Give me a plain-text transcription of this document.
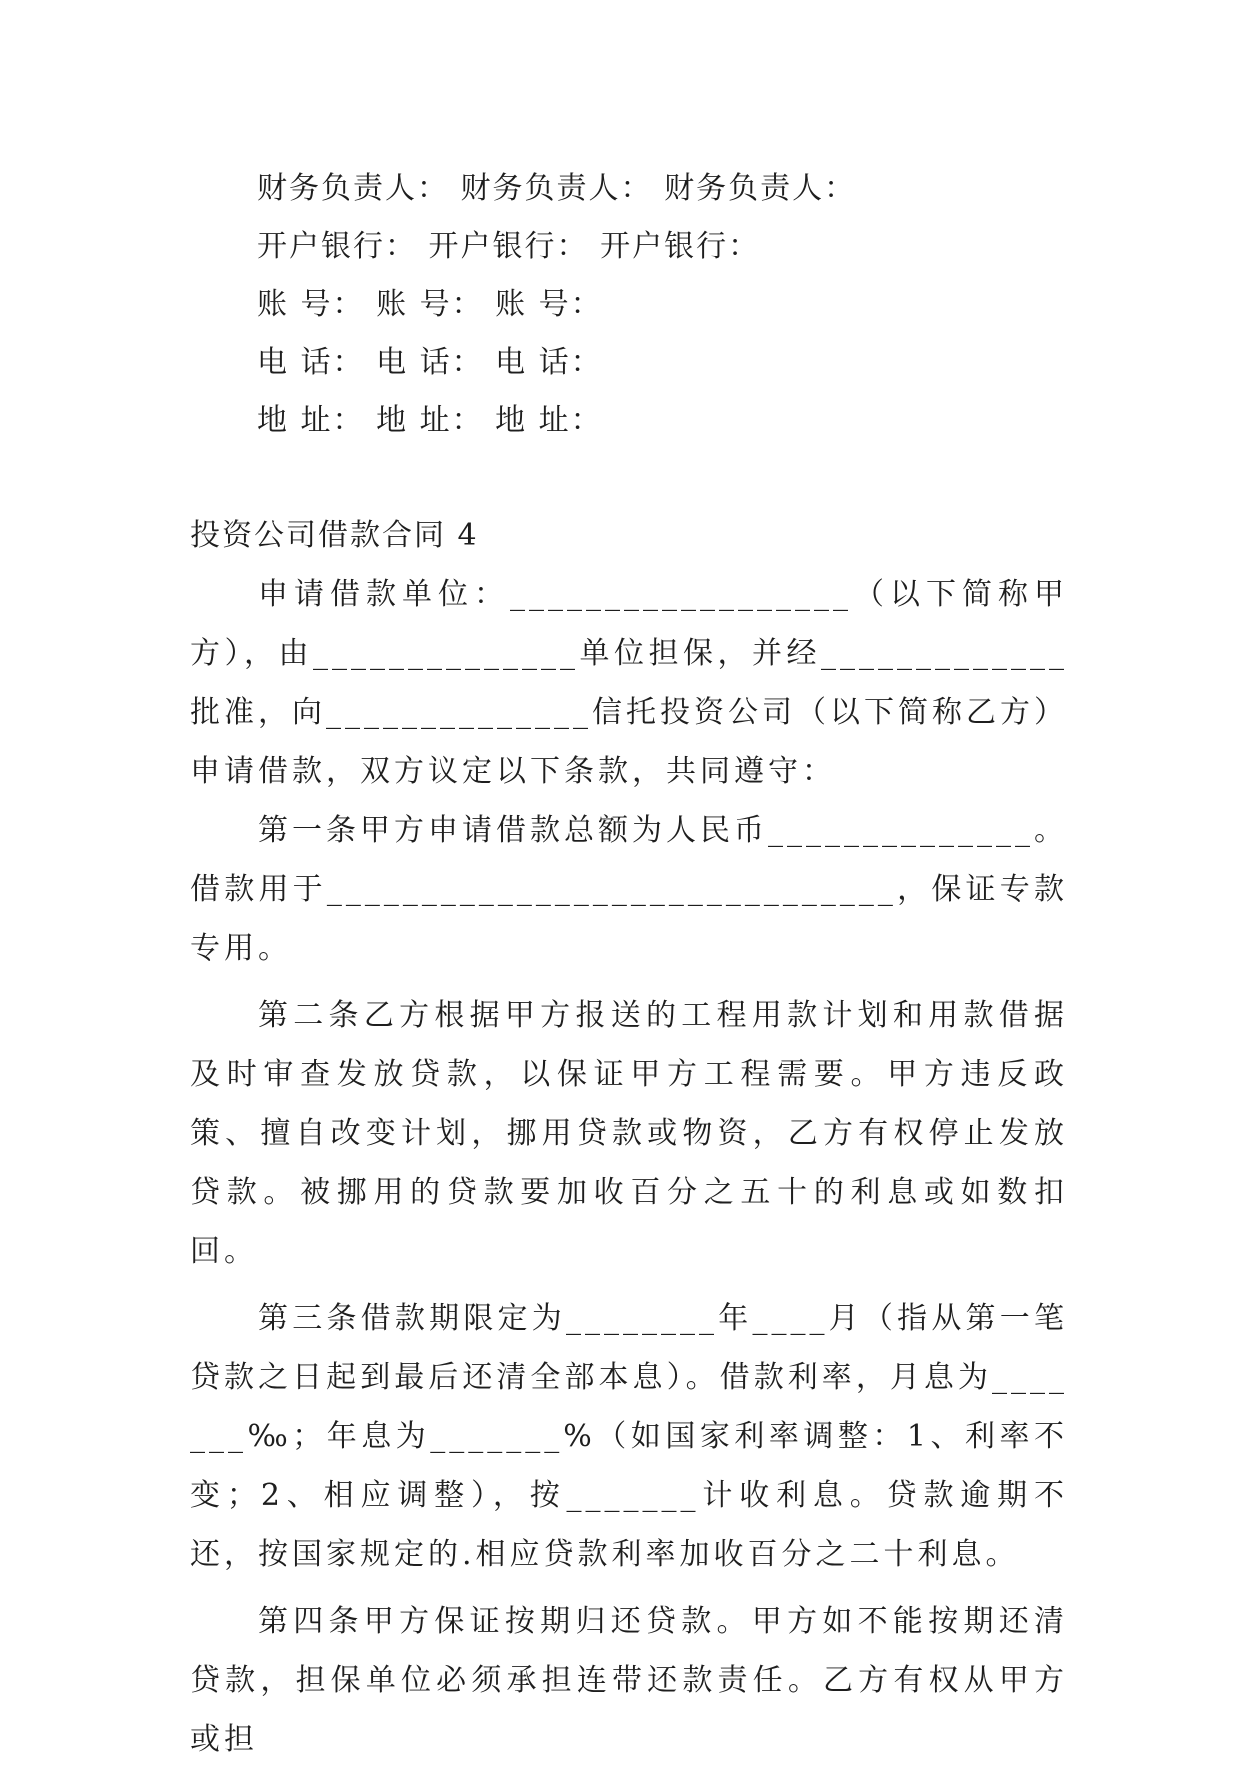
财务负责人： 财务负责人： 财务负责人：
开户银行： 开户银行： 开户银行：
账 号： 账 号： 账 号：
电 话： 电 话： 电 话：
地 址： 地 址： 地 址：
投资公司借款合同 4

申请借款单位：__________________（以下简称甲方），由______________单位担保，并经_____________批准，向______________信托投资公司（以下简称乙方）申请借款，双方议定以下条款，共同遵守：

第一条甲方申请借款总额为人民币______________。借款用于______________________________，保证专款专用。

第二条乙方根据甲方报送的工程用款计划和用款借据及时审查发放贷款，以保证甲方工程需要。甲方违反政策、擅自改变计划，挪用贷款或物资，乙方有权停止发放贷款。被挪用的贷款要加收百分之五十的利息或如数扣回。

第三条借款期限定为________年____月（指从第一笔贷款之日起到最后还清全部本息）。借款利率，月息为_______‰；年息为_______%（如国家利率调整：1、利率不变；2、相应调整），按_______计收利息。贷款逾期不还，按国家规定的.相应贷款利率加收百分之二十利息。

第四条甲方保证按期归还贷款。甲方如不能按期还清贷款，担保单位必须承担连带还款责任。乙方有权从甲方或担
